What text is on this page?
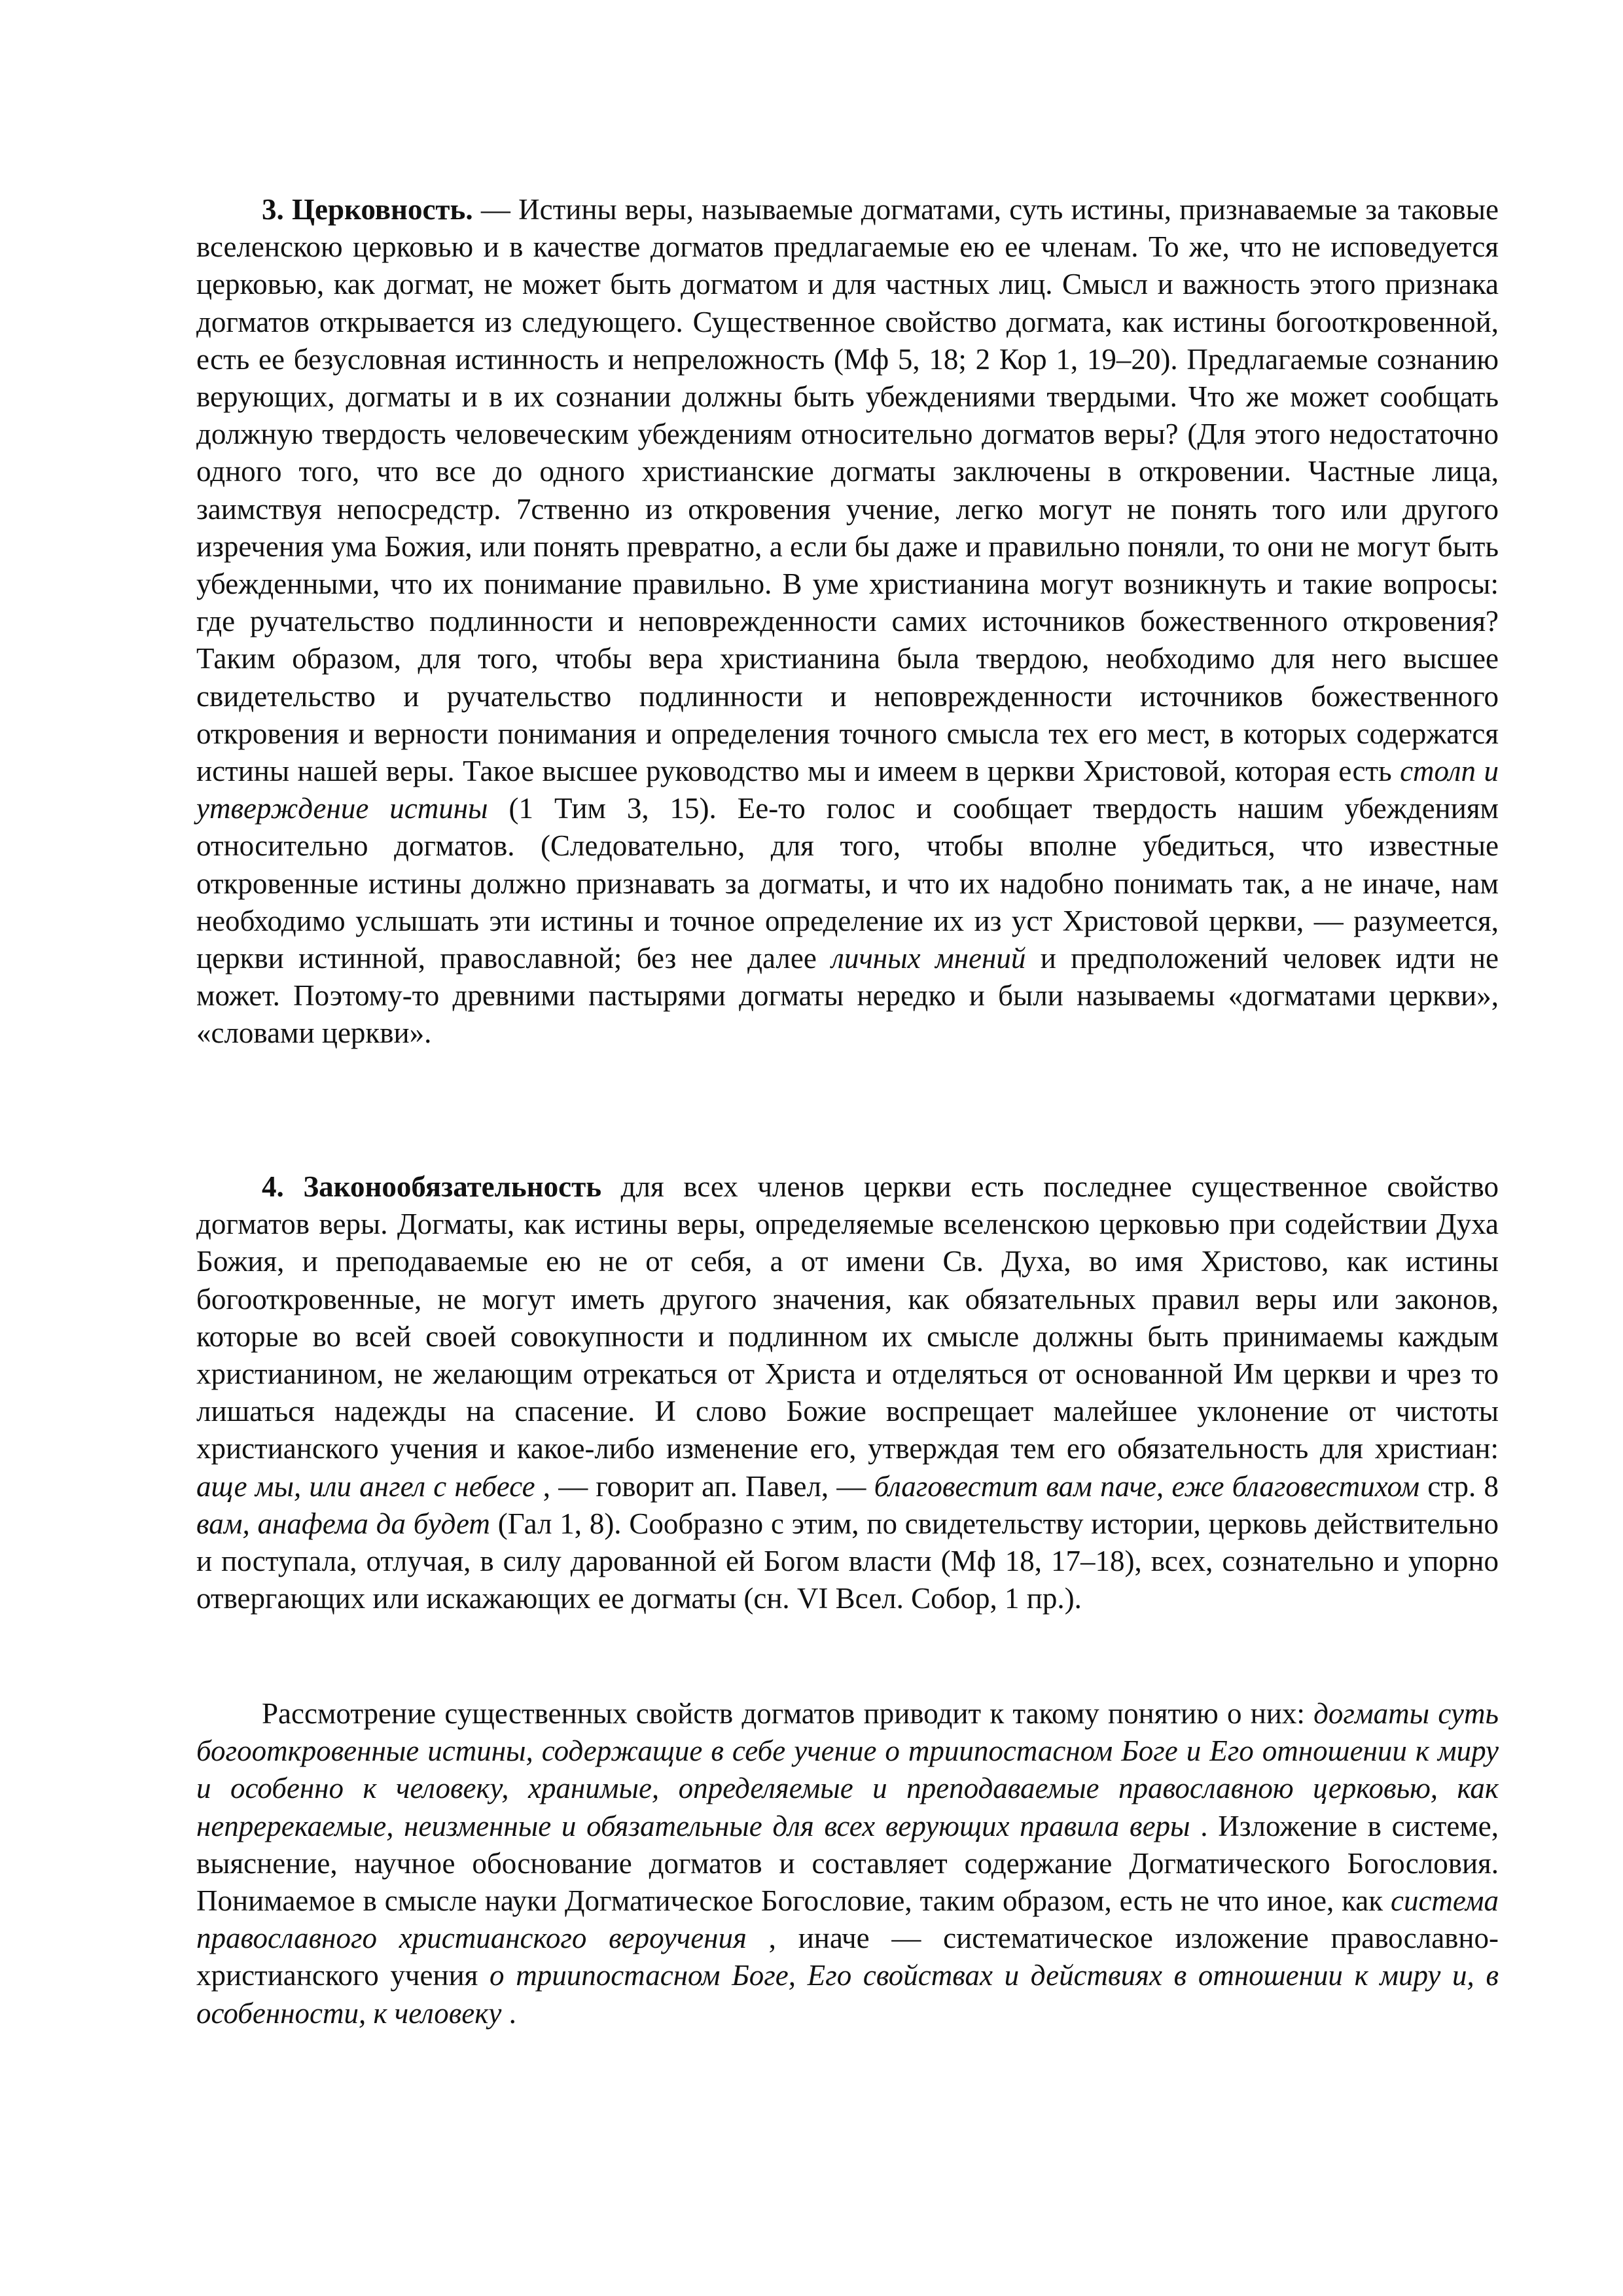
3. Церковность. — Истины веры, называемые догматами, суть истины, признаваемые за таковые вселенскою церковью и в качестве догматов предлагаемые ею ее членам. То же, что не исповедуется церковью, как догмат, не может быть догматом и для частных лиц. Смысл и важность этого признака догматов открывается из следующего. Существенное свойство догмата, как истины богооткровенной, есть ее безусловная истинность и непреложность (Мф 5, 18; 2 Кор 1, 19–20). Предлагаемые сознанию верующих, догматы и в их сознании должны быть убеждениями твердыми. Что же может сообщать должную твердость человеческим убеждениям относительно догматов веры? (Для этого недостаточно одного того, что все до одного христианские догматы заключены в откровении. Частные лица, заимствуя непосредстр. 7ственно из откровения учение, легко могут не понять того или другого изречения ума Божия, или понять превратно, а если бы даже и правильно поняли, то они не могут быть убежденными, что их понимание правильно. В уме христианина могут возникнуть и такие вопросы: где ручательство подлинности и неповрежденности самих источников божественного откровения? Таким образом, для того, чтобы вера христианина была твердою, необходимо для него высшее свидетельство и ручательство подлинности и неповрежденности источников божественного откровения и верности понимания и определения точного смысла тех его мест, в которых содержатся истины нашей веры. Такое высшее руководство мы и имеем в церкви Христовой, которая есть столп и утверждение истины (1 Тим 3, 15). Ее-то голос и сообщает твердость нашим убеждениям относительно догматов. (Следовательно, для того, чтобы вполне убедиться, что известные откровенные истины должно признавать за догматы, и что их надобно понимать так, а не иначе, нам необходимо услышать эти истины и точное определение их из уст Христовой церкви, — разумеется, церкви истинной, православной; без нее далее личных мнений и предположений человек идти не может. Поэтому-то древними пастырями догматы нередко и были называемы «догматами церкви», «словами церкви».

4. Законообязательность для всех членов церкви есть последнее существенное свойство догматов веры. Догматы, как истины веры, определяемые вселенскою церковью при содействии Духа Божия, и преподаваемые ею не от себя, а от имени Св. Духа, во имя Христово, как истины богооткровенные, не могут иметь другого значения, как обязательных правил веры или законов, которые во всей своей совокупности и подлинном их смысле должны быть принимаемы каждым христианином, не желающим отрекаться от Христа и отделяться от основанной Им церкви и чрез то лишаться надежды на спасение. И слово Божие воспрещает малейшее уклонение от чистоты христианского учения и какое-либо изменение его, утверждая тем его обязательность для христиан: аще мы, или ангел с небесе , — говорит ап. Павел, — благовестит вам паче, еже благовестихом стр. 8 вам, анафема да будет (Гал 1, 8). Сообразно с этим, по свидетельству истории, церковь действительно и поступала, отлучая, в силу дарованной ей Богом власти (Мф 18, 17–18), всех, сознательно и упорно отвергающих или искажающих ее догматы (сн. VI Всел. Собор, 1 пр.).

Рассмотрение существенных свойств догматов приводит к такому понятию о них: догматы суть богооткровенные истины, содержащие в себе учение о триипостасном Боге и Его отношении к миру и особенно к человеку, хранимые, определяемые и преподаваемые православною церковью, как непререкаемые, неизменные и обязательные для всех верующих правила веры . Изложение в системе, выяснение, научное обоснование догматов и составляет содержание Догматического Богословия. Понимаемое в смысле науки Догматическое Богословие, таким образом, есть не что иное, как система православного христианского вероучения , иначе — систематическое изложение православно-христианского учения о триипостасном Боге, Его свойствах и действиях в отношении к миру и, в особенности, к человеку .
